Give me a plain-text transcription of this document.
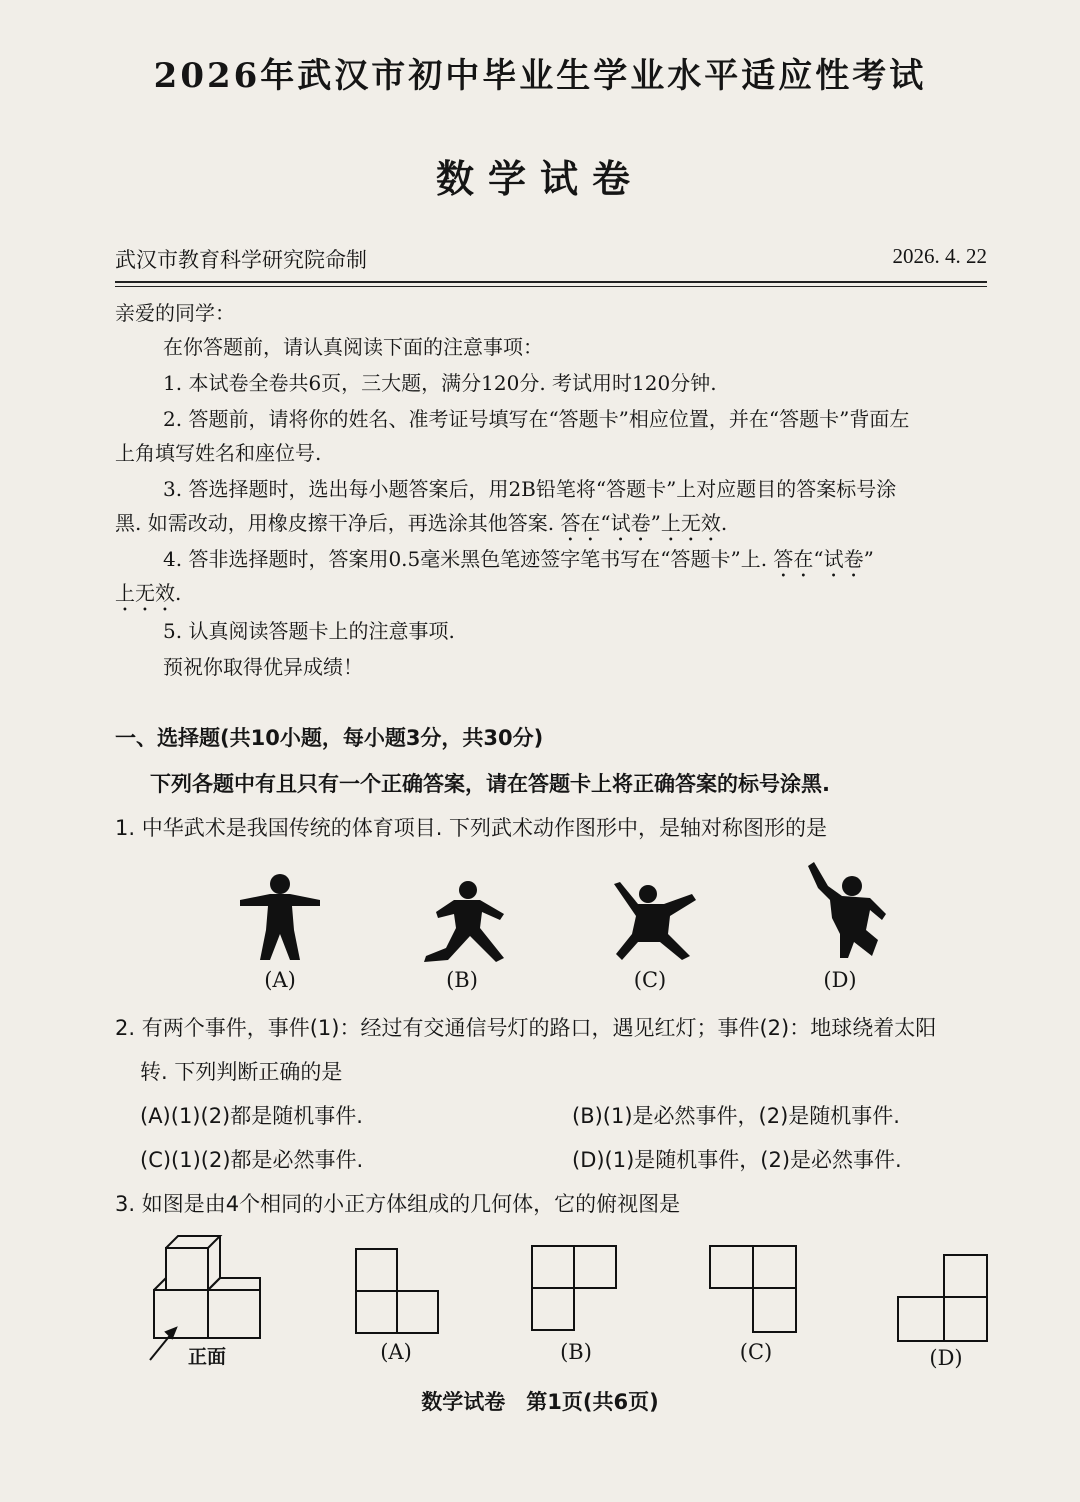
2026年武汉市初中毕业生学业水平适应性考试
数学试卷
武汉市教育科学研究院命制	2026. 4. 22
亲爱的同学：
在你答题前，请认真阅读下面的注意事项：
1. 本试卷全卷共6页，三大题，满分120分. 考试用时120分钟.
2. 答题前，请将你的姓名、准考证号填写在“答题卡”相应位置，并在“答题卡”背面左
上角填写姓名和座位号.
3. 答选择题时，选出每小题答案后，用2B铅笔将“答题卡”上对应题目的答案标号涂
黑. 如需改动，用橡皮擦干净后，再选涂其他答案. 答在“试卷”上无效.
4. 答非选择题时，答案用0.5毫米黑色笔迹签字笔书写在“答题卡”上. 答在“试卷”
上无效.
5. 认真阅读答题卡上的注意事项.
预祝你取得优异成绩！
一、选择题(共10小题，每小题3分，共30分)
下列各题中有且只有一个正确答案，请在答题卡上将正确答案的标号涂黑.
1. 中华武术是我国传统的体育项目. 下列武术动作图形中，是轴对称图形的是
(A)	(B)	(C)	(D)
2. 有两个事件，事件(1)：经过有交通信号灯的路口，遇见红灯；事件(2)：地球绕着太阳
转. 下列判断正确的是
(A)(1)(2)都是随机事件.	(B)(1)是必然事件，(2)是随机事件.
(C)(1)(2)都是必然事件.	(D)(1)是随机事件，(2)是必然事件.
3. 如图是由4个相同的小正方体组成的几何体，它的俯视图是
正面	(A)	(B)	(C)	(D)
数学试卷　第1页(共6页)
